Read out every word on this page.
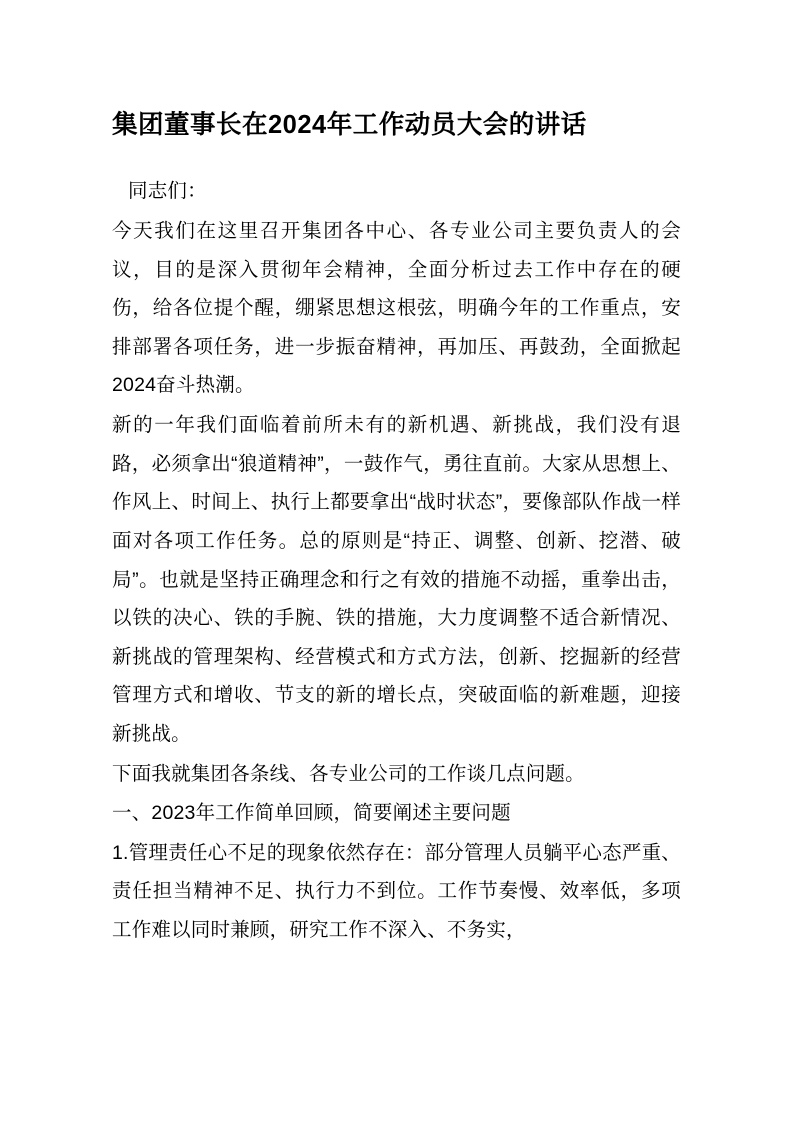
集团董事长在2024年工作动员大会的讲话

同志们：

今天我们在这里召开集团各中心、各专业公司主要负责人的会议，目的是深入贯彻年会精神，全面分析过去工作中存在的硬伤，给各位提个醒，绷紧思想这根弦，明确今年的工作重点，安排部署各项任务，进一步振奋精神，再加压、再鼓劲，全面掀起2024奋斗热潮。

新的一年我们面临着前所未有的新机遇、新挑战，我们没有退路，必须拿出“狼道精神”，一鼓作气，勇往直前。大家从思想上、作风上、时间上、执行上都要拿出“战时状态”，要像部队作战一样面对各项工作任务。总的原则是“持正、调整、创新、挖潜、破局”。也就是坚持正确理念和行之有效的措施不动摇，重拳出击，以铁的决心、铁的手腕、铁的措施，大力度调整不适合新情况、新挑战的管理架构、经营模式和方式方法，创新、挖掘新的经营管理方式和增收、节支的新的增长点，突破面临的新难题，迎接新挑战。

下面我就集团各条线、各专业公司的工作谈几点问题。

一、2023年工作简单回顾，简要阐述主要问题

1.管理责任心不足的现象依然存在：部分管理人员躺平心态严重、责任担当精神不足、执行力不到位。工作节奏慢、效率低，多项工作难以同时兼顾，研究工作不深入、不务实，
